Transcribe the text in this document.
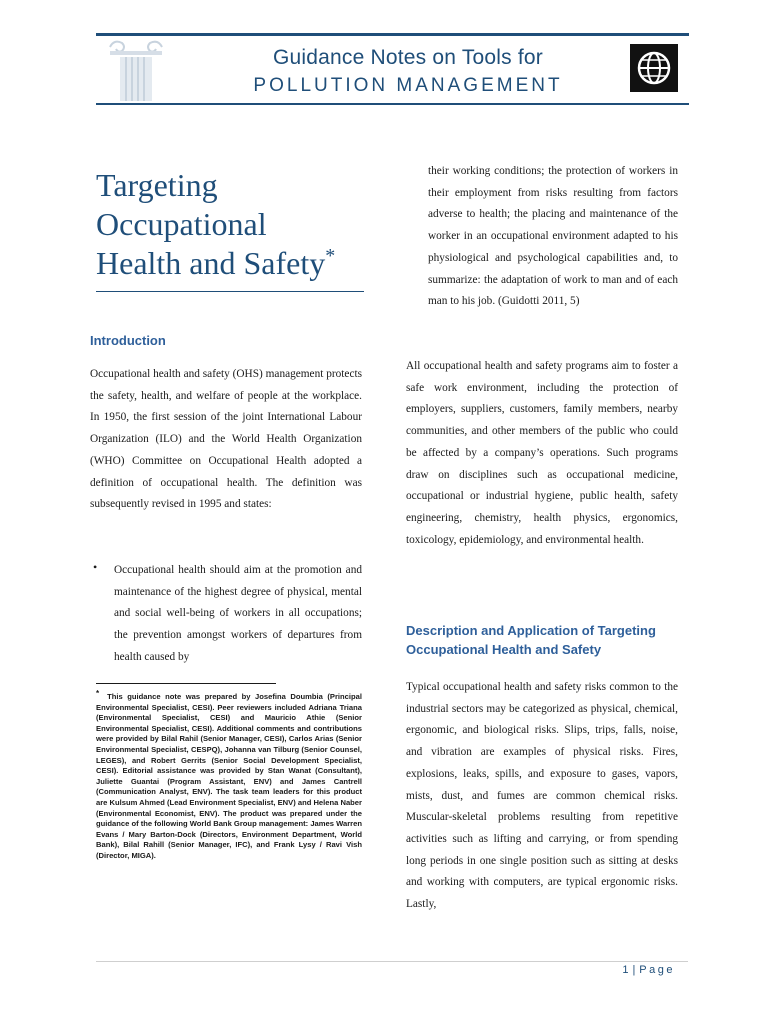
Guidance Notes on Tools for
POLLUTION MANAGEMENT
Targeting
Occupational
Health and Safety*
Introduction

Occupational health and safety (OHS) management protects the safety, health, and welfare of people at the workplace. In 1950, the first session of the joint International Labour Organization (ILO) and the World Health Organization (WHO) Committee on Occupational Health adopted a definition of occupational health. The definition was subsequently revised in 1995 and states:

• Occupational health should aim at the promotion and maintenance of the highest degree of physical, mental and social well-being of workers in all occupations; the prevention amongst workers of departures from health caused by

* This guidance note was prepared by Josefina Doumbia (Principal Environmental Specialist, CESI). Peer reviewers included Adriana Triana (Environmental Specialist, CESI) and Mauricio Athie (Senior Environmental Specialist, CESI). Additional comments and contributions were provided by Bilal Rahil (Senior Manager, CESI), Carlos Arias (Senior Environmental Specialist, CESPQ), Johanna van Tilburg (Senior Counsel, LEGES), and Robert Gerrits (Senior Social Development Specialist, CESI). Editorial assistance was provided by Stan Wanat (Consultant), Juliette Guantai (Program Assistant, ENV) and James Cantrell (Communication Analyst, ENV). The task team leaders for this product are Kulsum Ahmed (Lead Environment Specialist, ENV) and Helena Naber (Environmental Economist, ENV). The product was prepared under the guidance of the following World Bank Group management: James Warren Evans / Mary Barton-Dock (Directors, Environment Department, World Bank), Bilal Rahill (Senior Manager, IFC), and Frank Lysy / Ravi Vish (Director, MIGA).

their working conditions; the protection of workers in their employment from risks resulting from factors adverse to health; the placing and maintenance of the worker in an occupational environment adapted to his physiological and psychological capabilities and, to summarize: the adaptation of work to man and of each man to his job. (Guidotti 2011, 5)

All occupational health and safety programs aim to foster a safe work environment, including the protection of employers, suppliers, customers, family members, nearby communities, and other members of the public who could be affected by a company’s operations. Such programs draw on disciplines such as occupational medicine, occupational or industrial hygiene, public health, safety engineering, chemistry, health physics, ergonomics, toxicology, epidemiology, and environmental health.

Description and Application of Targeting Occupational Health and Safety

Typical occupational health and safety risks common to the industrial sectors may be categorized as physical, chemical, ergonomic, and biological risks. Slips, trips, falls, noise, and vibration are examples of physical risks. Fires, explosions, leaks, spills, and exposure to gases, vapors, mists, dust, and fumes are common chemical risks. Muscular-skeletal problems resulting from repetitive activities such as lifting and carrying, or from spending long periods in one single position such as sitting at desks and working with computers, are typical ergonomic risks. Lastly,

1 | Page
